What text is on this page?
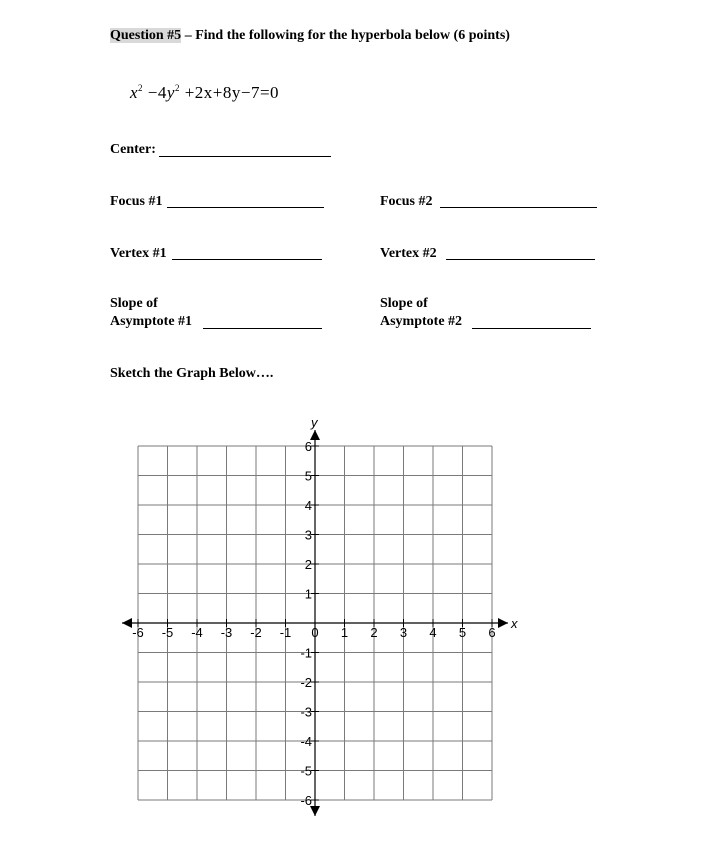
Question #5 – Find the following for the hyperbola below (6 points)
$x^2 -4y^2 +2x+8y-7=0$
Center:
Focus #1	Focus #2
Vertex #1	Vertex #2
Slope of
Asymptote #1
Slope of
Asymptote #2
Sketch the Graph Below….
-6 -5 -4 -3 -2 -1 0 1 2 3 4 5 6
-6
-5
-4
-3
-2
-1
1
2
3
4
5
6
x
y
